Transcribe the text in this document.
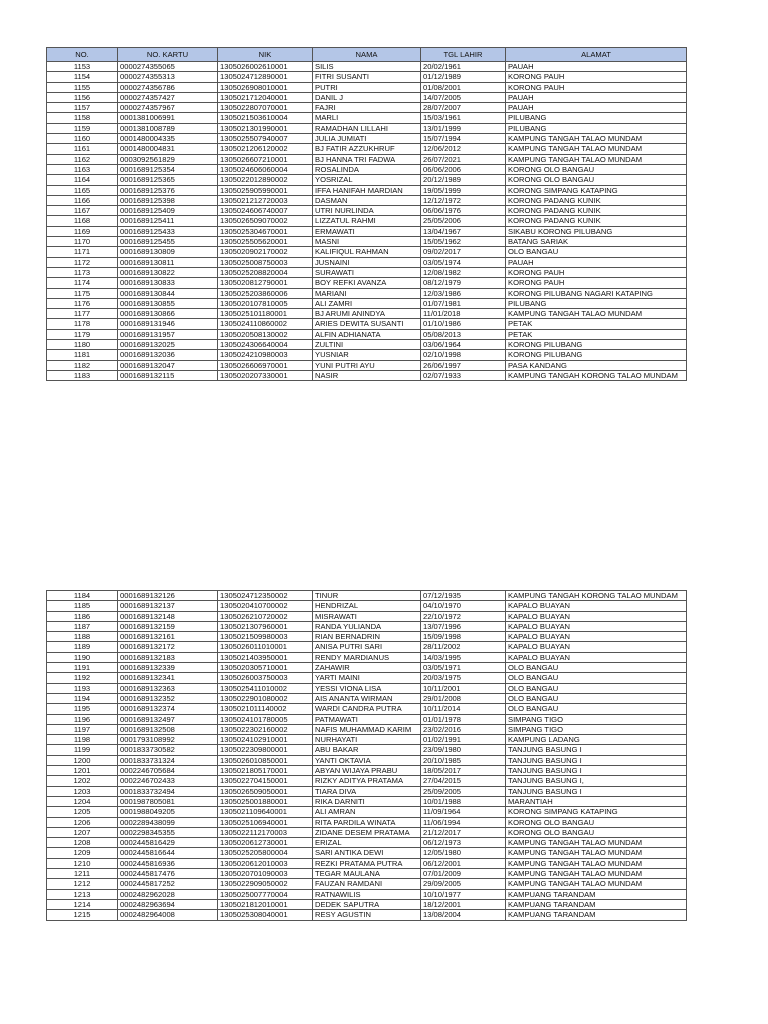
NO.	NO. KARTU	NIK	NAMA	TGL LAHIR	ALAMAT
1153	0000274355065	1305026002610001	SILIS	20/02/1961	PAUAH
1154	0000274355313	1305024712890001	FITRI SUSANTI	01/12/1989	KORONG PAUH
1155	0000274356786	1305026908010001	PUTRI	01/08/2001	KORONG PAUH
1156	0000274357427	1305021712040001	DANIL J	14/07/2005	PAUAH
1157	0000274357967	1305022807070001	FAJRI	28/07/2007	PAUAH
1158	0001381006991	1305021503610004	MARLI	15/03/1961	PILUBANG
1159	0001381008789	1305021301990001	RAMADHAN LILLAHI	13/01/1999	PILUBANG
1160	0001480004335	1305025507940007	JULIA JUMIATI	15/07/1994	KAMPUNG TANGAH TALAO MUNDAM
1161	0001480004831	1305021206120002	BJ FATIR AZZUKHRUF	12/06/2012	KAMPUNG TANGAH TALAO MUNDAM
1162	0003092561829	1305026607210001	BJ HANNA TRI FADWA	26/07/2021	KAMPUNG TANGAH TALAO MUNDAM
1163	0001689125354	1305024606060004	ROSALINDA	06/06/2006	KORONG OLO BANGAU
1164	0001689125365	1305022012890002	YOSRIZAL	20/12/1989	KORONG OLO BANGAU
1165	0001689125376	1305025905990001	IFFA HANIFAH MARDIAN	19/05/1999	KORONG SIMPANG KATAPING
1166	0001689125398	1305021212720003	DASMAN	12/12/1972	KORONG PADANG KUNIK
1167	0001689125409	1305024606740007	UTRI NURLINDA	06/06/1976	KORONG PADANG KUNIK
1168	0001689125411	1305026509070002	LIZZATUL RAHMI	25/05/2006	KORONG PADANG KUNIK
1169	0001689125433	1305025304670001	ERMAWATI	13/04/1967	SIKABU KORONG PILUBANG
1170	0001689125455	1305025505620001	MASNI	15/05/1962	BATANG SARIAK
1171	0001689130809	1305020902170002	KALIFIQUL RAHMAN	09/02/2017	OLO BANGAU
1172	0001689130811	1305025008750003	JUSNAINI	03/05/1974	PAUAH
1173	0001689130822	1305025208820004	SURAWATI	12/08/1982	KORONG PAUH
1174	0001689130833	1305020812790001	BOY REFKI AVANZA	08/12/1979	KORONG PAUH
1175	0001689130844	1305025203860006	MARIANI	12/03/1986	KORONG PILUBANG NAGARI KATAPING
1176	0001689130855	1305020107810005	ALI ZAMRI	01/07/1981	PILUBANG
1177	0001689130866	1305025101180001	BJ ARUMI ANINDYA	11/01/2018	KAMPUNG TANGAH TALAO MUNDAM
1178	0001689131946	1305024110860002	ARIES DEWITA SUSANTI	01/10/1986	PETAK
1179	0001689131957	1305020508130002	ALFIN ADHIANATA	05/08/2013	PETAK
1180	0001689132025	1305024306640004	ZULTINI	03/06/1964	KORONG PILUBANG
1181	0001689132036	1305024210980003	YUSNIAR	02/10/1998	KORONG PILUBANG
1182	0001689132047	1305026606970001	YUNI PUTRI AYU	26/06/1997	PASA KANDANG
1183	0001689132115	1305020207330001	NASIR	02/07/1933	KAMPUNG TANGAH KORONG TALAO MUNDAM
1184	0001689132126	1305024712350002	TINUR	07/12/1935	KAMPUNG TANGAH KORONG TALAO MUNDAM
1185	0001689132137	1305020410700002	HENDRIZAL	04/10/1970	KAPALO BUAYAN
1186	0001689132148	1305026210720002	MISRAWATI	22/10/1972	KAPALO BUAYAN
1187	0001689132159	1305021307960001	RANDA YULIANDA	13/07/1996	KAPALO BUAYAN
1188	0001689132161	1305021509980003	RIAN BERNADRIN	15/09/1998	KAPALO BUAYAN
1189	0001689132172	1305026011010001	ANISA PUTRI SARI	28/11/2002	KAPALO BUAYAN
1190	0001689132183	1305021403950001	RENDY MARDIANUS	14/03/1995	KAPALO BUAYAN
1191	0001689132339	1305020305710001	ZAHAWIR	03/05/1971	OLO BANGAU
1192	0001689132341	1305026003750003	YARTI MAINI	20/03/1975	OLO BANGAU
1193	0001689132363	1305025411010002	YESSI VIONA LISA	10/11/2001	OLO BANGAU
1194	0001689132352	1305022901080002	AIS ANANTA WIRMAN	29/01/2008	OLO BANGAU
1195	0001689132374	1305021011140002	WARDI CANDRA PUTRA	10/11/2014	OLO BANGAU
1196	0001689132497	1305024101780005	PATMAWATI	01/01/1978	SIMPANG TIGO
1197	0001689132508	1305022302160002	NAFIS MUHAMMAD KARIM	23/02/2016	SIMPANG TIGO
1198	0001793108992	1305024102910001	NURHAYATI	01/02/1991	KAMPUNG LADANG
1199	0001833730582	1305022309800001	ABU BAKAR	23/09/1980	TANJUNG BASUNG I
1200	0001833731324	1305026010850001	YANTI OKTAVIA	20/10/1985	TANJUNG BASUNG I
1201	0002246705684	1305021805170001	ABYAN WIJAYA PRABU	18/05/2017	TANJUNG BASUNG I
1202	0002246702433	1305022704150001	RIZKY ADITYA PRATAMA	27/04/2015	TANJUNG BASUNG I,
1203	0001833732494	1305026509050001	TIARA DIVA	25/09/2005	TANJUNG BASUNG I
1204	0001987805081	1305025001880001	RIKA DARNITI	10/01/1988	MARANTIAH
1205	0001988049205	1305021109640001	ALI AMRAN	11/09/1964	KORONG SIMPANG KATAPING
1206	0002289438099	1305025106940001	RITA PARDILA WINATA	11/06/1994	KORONG OLO BANGAU
1207	0002298345355	1305022112170003	ZIDANE DESEM PRATAMA	21/12/2017	KORONG OLO BANGAU
1208	0002445816429	1305020612730001	ERIZAL	06/12/1973	KAMPUNG TANGAH TALAO MUNDAM
1209	0002445816644	1305025205800004	SARI ANTIKA DEWI	12/05/1980	KAMPUNG TANGAH TALAO MUNDAM
1210	0002445816936	1305020612010003	REZKI PRATAMA PUTRA	06/12/2001	KAMPUNG TANGAH TALAO MUNDAM
1211	0002445817476	1305020701090003	TEGAR MAULANA	07/01/2009	KAMPUNG TANGAH TALAO MUNDAM
1212	0002445817252	1305022909050002	FAUZAN RAMDANI	29/09/2005	KAMPUNG TANGAH TALAO MUNDAM
1213	0002482962028	1305025007770004	RATNAWILIS	10/10/1977	KAMPUANG TARANDAM
1214	0002482963694	1305021812010001	DEDEK SAPUTRA	18/12/2001	KAMPUANG TARANDAM
1215	0002482964008	1305025308040001	RESY AGUSTIN	13/08/2004	KAMPUANG TARANDAM
